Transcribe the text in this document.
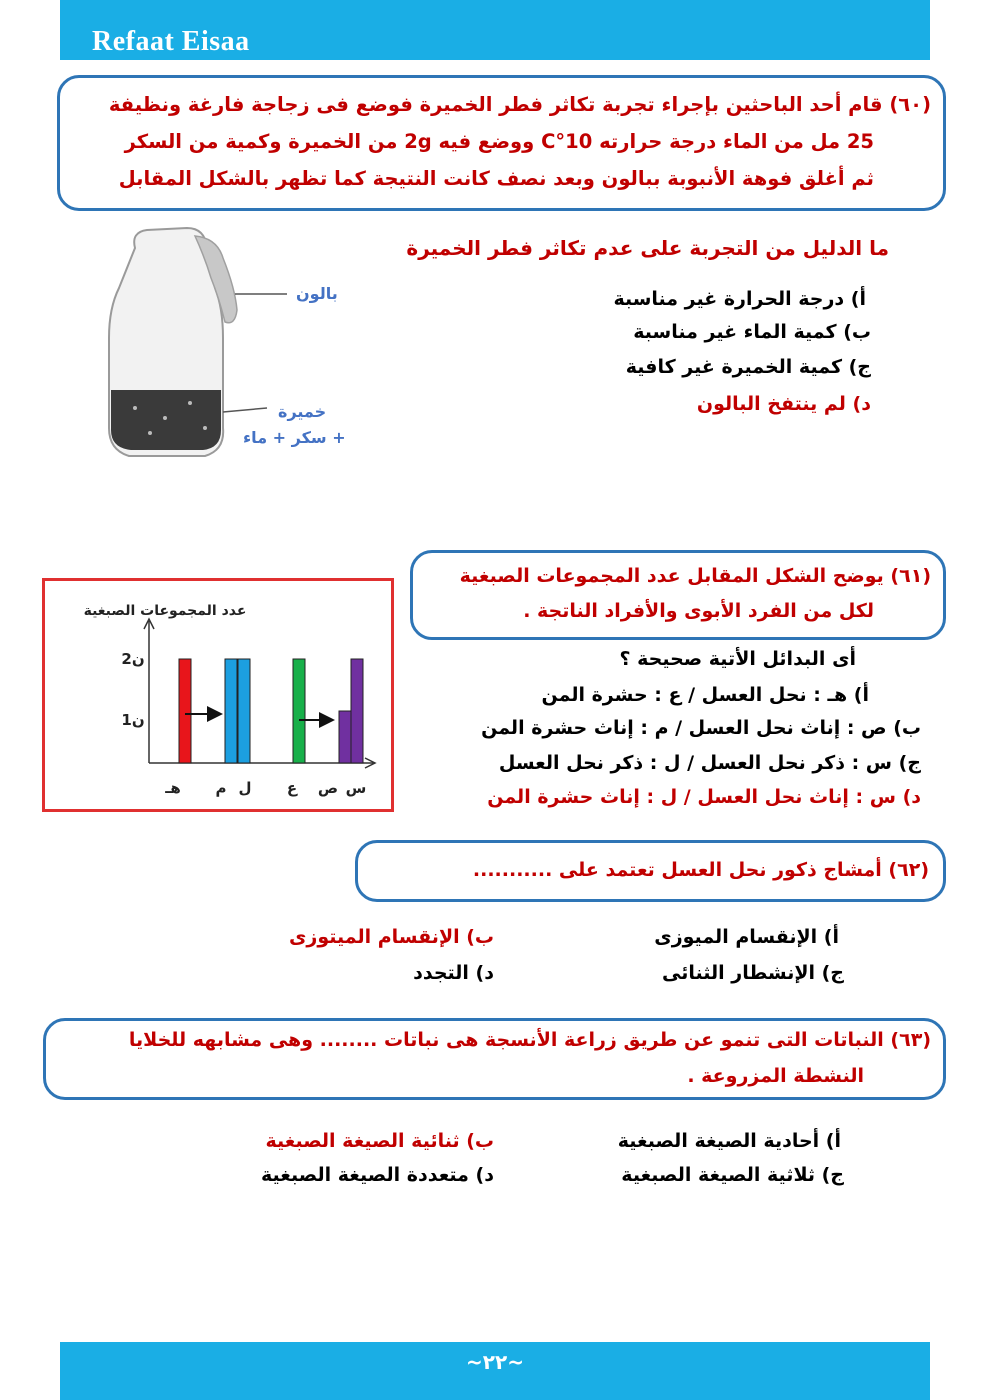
Refaat Eisaa
(٦٠) قام أحد الباحثين بإجراء تجربة تكاثر فطر الخميرة فوضع فى زجاجة فارغة ونظيفة
25 مل من الماء درجة حرارته 10°C ووضع فيه 2g من الخميرة وكمية من السكر
ثم أغلق فوهة الأنبوبة ببالون وبعد نصف كانت النتيجة كما تظهر بالشكل المقابل
بالون
خميرة
+ سكر + ماء
ما الدليل من التجربة على عدم تكاثر فطر الخميرة
أ) درجة الحرارة غير مناسبة
ب) كمية الماء غير مناسبة
ج) كمية الخميرة غير كافية
د) لم ينتفخ البالون
(٦١) يوضح الشكل المقابل عدد المجموعات الصبغية
لكل من الفرد الأبوى والأفراد الناتجة .
عدد المجموعات الصبغية
2ن
1ن
هـ م ل ع ص س
أى البدائل الأتية صحيحة ؟
أ) هـ : نحل العسل / ع : حشرة المن
ب) ص : إناث نحل العسل / م : إناث حشرة المن
ج) س : ذكر نحل العسل / ل : ذكر نحل العسل
د) س : إناث نحل العسل / ل : إناث حشرة المن
(٦٢) أمشاج ذكور نحل العسل تعتمد على ...........
أ) الإنقسام الميوزى
ب) الإنقسام الميتوزى
ج) الإنشطار الثنائى
د) التجدد
(٦٣) النباتات التى تنمو عن طريق زراعة الأنسجة هى نباتات ........ وهى مشابهه للخلايا
النشطة المزروعة .
أ) أحادية الصيغة الصبغية
ب) ثنائية الصيغة الصبغية
ج) ثلاثية الصيغة الصبغية
د) متعددة الصيغة الصبغية
~٢٢~
